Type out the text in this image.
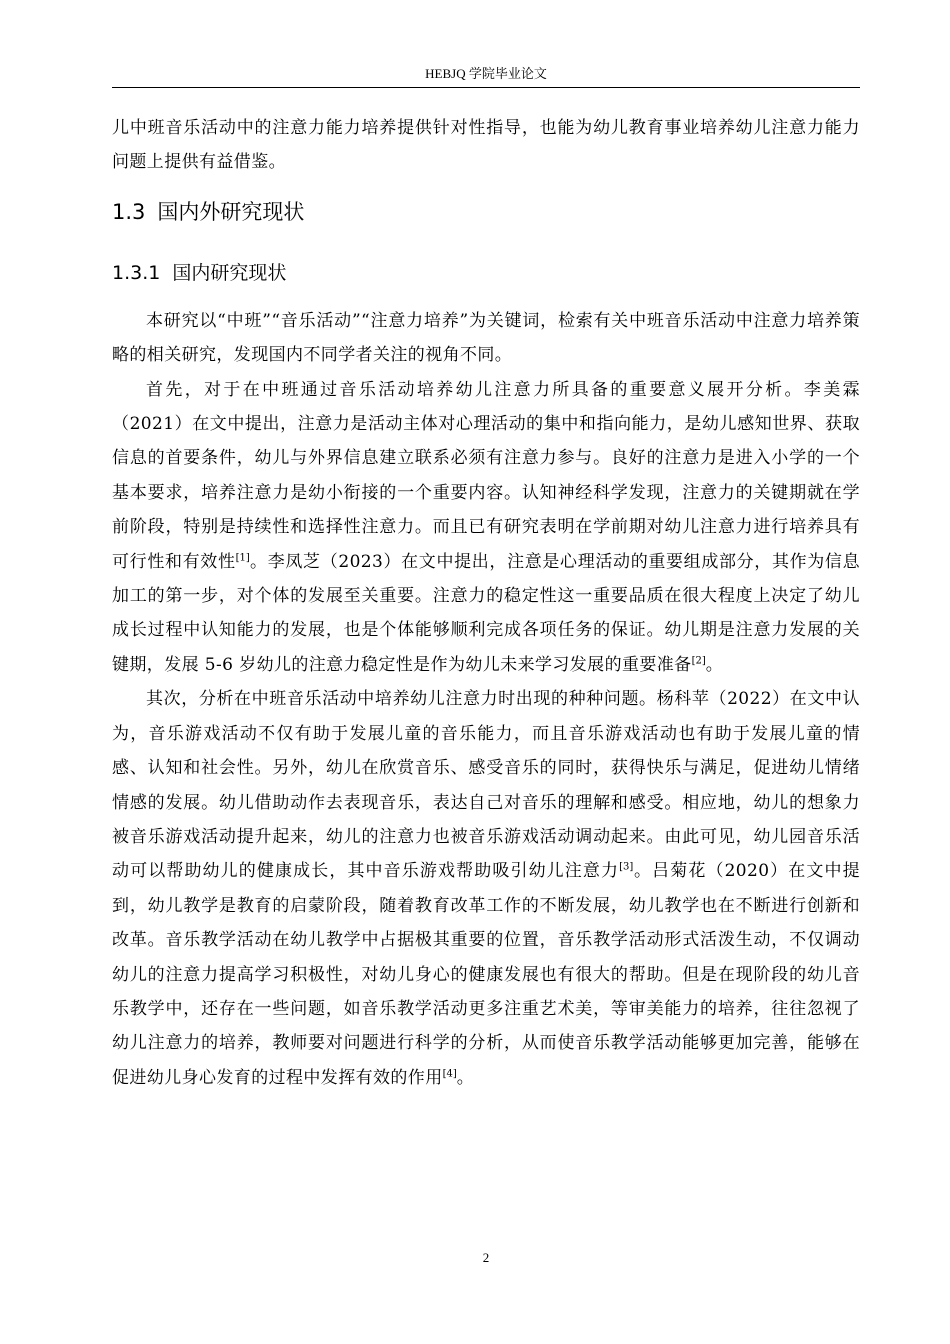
HEBJQ 学院毕业论文

儿中班音乐活动中的注意力能力培养提供针对性指导，也能为幼儿教育事业培养幼儿注意力能力问题上提供有益借鉴。

1.3 国内外研究现状
1.3.1 国内研究现状

本研究以“中班”“音乐活动”“注意力培养”为关键词，检索有关中班音乐活动中注意力培养策略的相关研究，发现国内不同学者关注的视角不同。

首先，对于在中班通过音乐活动培养幼儿注意力所具备的重要意义展开分析。李美霖（2021）在文中提出，注意力是活动主体对心理活动的集中和指向能力，是幼儿感知世界、获取信息的首要条件，幼儿与外界信息建立联系必须有注意力参与。良好的注意力是进入小学的一个基本要求，培养注意力是幼小衔接的一个重要内容。认知神经科学发现，注意力的关键期就在学前阶段，特别是持续性和选择性注意力。而且已有研究表明在学前期对幼儿注意力进行培养具有可行性和有效性[1]。李凤芝（2023）在文中提出，注意是心理活动的重要组成部分，其作为信息加工的第一步，对个体的发展至关重要。注意力的稳定性这一重要品质在很大程度上决定了幼儿成长过程中认知能力的发展，也是个体能够顺利完成各项任务的保证。幼儿期是注意力发展的关键期，发展 5-6 岁幼儿的注意力稳定性是作为幼儿未来学习发展的重要准备[2]。

其次，分析在中班音乐活动中培养幼儿注意力时出现的种种问题。杨科苹（2022）在文中认为，音乐游戏活动不仅有助于发展儿童的音乐能力，而且音乐游戏活动也有助于发展儿童的情感、认知和社会性。另外，幼儿在欣赏音乐、感受音乐的同时，获得快乐与满足，促进幼儿情绪情感的发展。幼儿借助动作去表现音乐，表达自己对音乐的理解和感受。相应地，幼儿的想象力被音乐游戏活动提升起来，幼儿的注意力也被音乐游戏活动调动起来。由此可见，幼儿园音乐活动可以帮助幼儿的健康成长，其中音乐游戏帮助吸引幼儿注意力[3]。吕菊花（2020）在文中提到，幼儿教学是教育的启蒙阶段，随着教育改革工作的不断发展，幼儿教学也在不断进行创新和改革。音乐教学活动在幼儿教学中占据极其重要的位置，音乐教学活动形式活泼生动，不仅调动幼儿的注意力提高学习积极性，对幼儿身心的健康发展也有很大的帮助。但是在现阶段的幼儿音乐教学中，还存在一些问题，如音乐教学活动更多注重艺术美，等审美能力的培养，往往忽视了幼儿注意力的培养，教师要对问题进行科学的分析，从而使音乐教学活动能够更加完善，能够在促进幼儿身心发育的过程中发挥有效的作用[4]。

2
